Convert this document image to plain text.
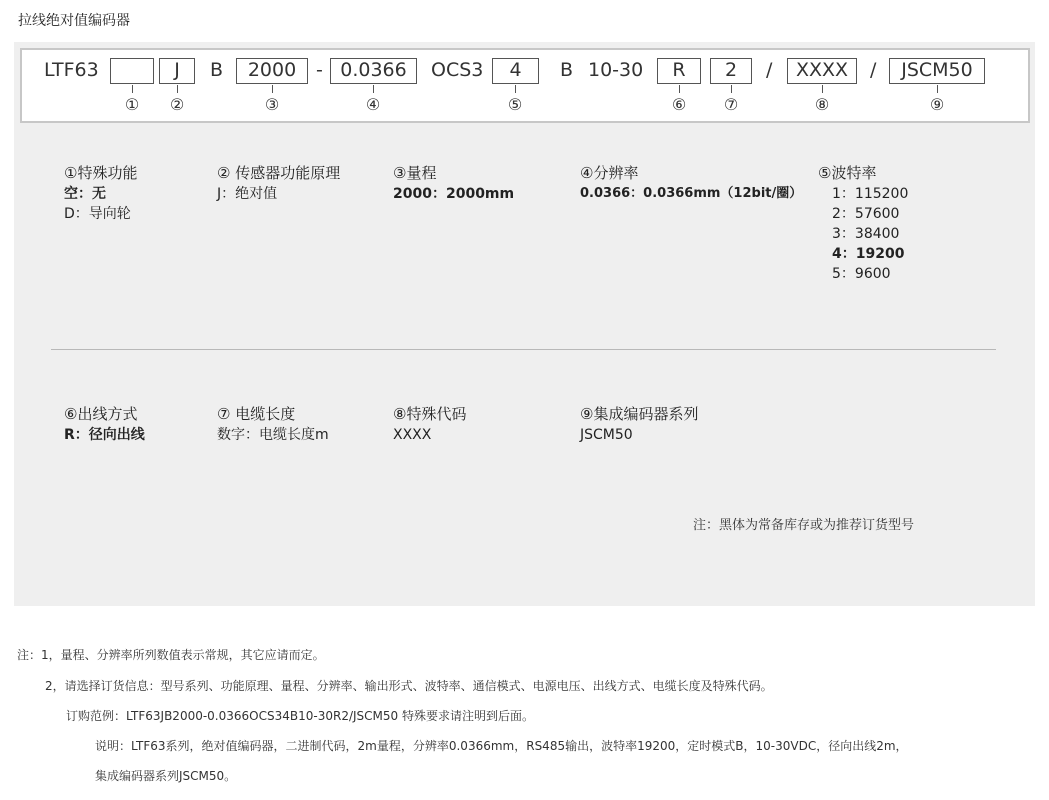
拉线绝对值编码器
LTF63	J	B	2000	- 0.0366	OCS3	4	B 10-30	R	2	/	XXXX	/	JSCM50
① ②	③	④	⑤	⑥ ⑦	⑧	⑨
①特殊功能
空：无
D：导向轮
② 传感器功能原理
J：绝对值
③量程
2000：2000mm
④分辨率
0.0366：0.0366mm（12bit/圈）
⑤波特率
1：115200
2：57600
3：38400
4：19200
5：9600
⑥出线方式
R：径向出线
⑦ 电缆长度
数字：电缆长度m
⑧特殊代码
XXXX
⑨集成编码器系列
JSCM50
注：黑体为常备库存或为推荐订货型号
注：1，量程、分辨率所列数值表示常规，其它应请而定。
2，请选择订货信息：型号系列、功能原理、量程、分辨率、输出形式、波特率、通信模式、电源电压、出线方式、电缆长度及特殊代码。
订购范例：LTF63JB2000-0.0366OCS34B10-30R2/JSCM50 特殊要求请注明到后面。
说明：LTF63系列，绝对值编码器，二进制代码，2m量程，分辨率0.0366mm，RS485输出，波特率19200，定时模式B，10-30VDC，径向出线2m，
集成编码器系列JSCM50。
